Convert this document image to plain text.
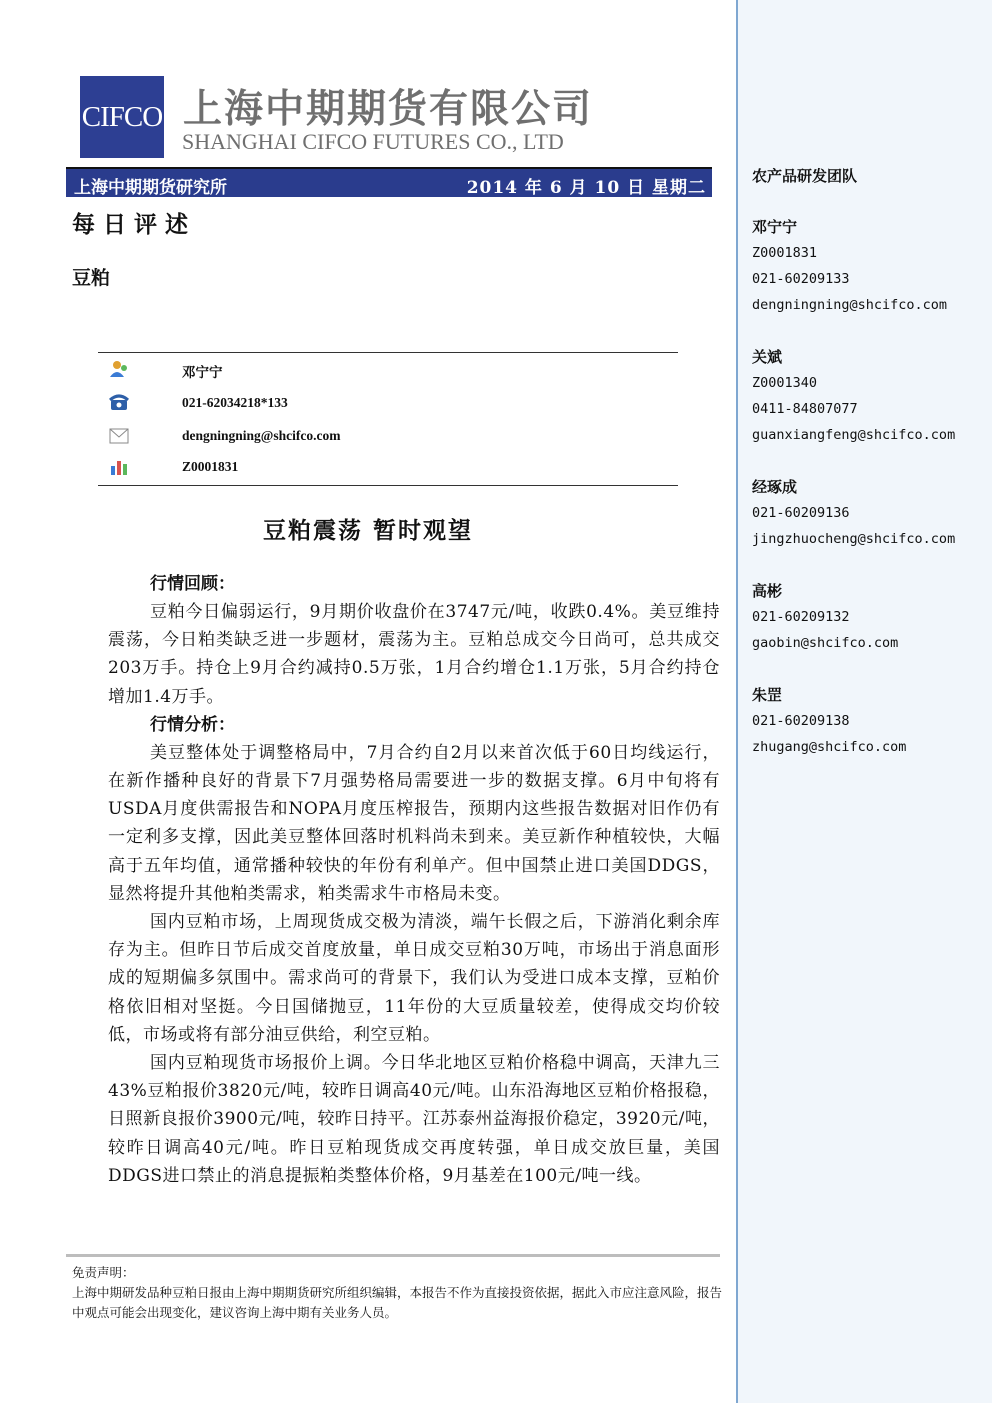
CIFCO 上海中期期货有限公司
SHANGHAI CIFCO FUTURES CO., LTD
上海中期期货研究所	2014 年 6 月 10 日 星期二
每日评述
豆粕
邓宁宁
021-62034218*133
dengningning@shcifco.com
Z0001831
豆粕震荡 暂时观望
行情回顾：

豆粕今日偏弱运行，9月期价收盘价在3747元/吨，收跌0.4%。美豆维持震荡，今日粕类缺乏进一步题材，震荡为主。豆粕总成交今日尚可，总共成交203万手。持仓上9月合约减持0.5万张，1月合约增仓1.1万张，5月合约持仓增加1.4万手。

行情分析：

美豆整体处于调整格局中，7月合约自2月以来首次低于60日均线运行，在新作播种良好的背景下7月强势格局需要进一步的数据支撑。6月中旬将有USDA月度供需报告和NOPA月度压榨报告，预期内这些报告数据对旧作仍有一定利多支撑，因此美豆整体回落时机料尚未到来。美豆新作种植较快，大幅高于五年均值，通常播种较快的年份有利单产。但中国禁止进口美国DDGS，显然将提升其他粕类需求，粕类需求牛市格局未变。

国内豆粕市场，上周现货成交极为清淡，端午长假之后，下游消化剩余库存为主。但昨日节后成交首度放量，单日成交豆粕30万吨，市场出于消息面形成的短期偏多氛围中。需求尚可的背景下，我们认为受进口成本支撑，豆粕价格依旧相对坚挺。今日国储抛豆，11年份的大豆质量较差，使得成交均价较低，市场或将有部分油豆供给，利空豆粕。

国内豆粕现货市场报价上调。今日华北地区豆粕价格稳中调高，天津九三43%豆粕报价3820元/吨，较昨日调高40元/吨。山东沿海地区豆粕价格报稳，日照新良报价3900元/吨，较昨日持平。江苏泰州益海报价稳定，3920元/吨，较昨日调高40元/吨。昨日豆粕现货成交再度转强，单日成交放巨量，美国DDGS进口禁止的消息提振粕类整体价格，9月基差在100元/吨一线。

免责声明：
上海中期研发品种豆粕日报由上海中期期货研究所组织编辑，本报告不作为直接投资依据，据此入市应注意风险，报告中观点可能会出现变化，建议咨询上海中期有关业务人员。
农产品研发团队
邓宁宁
Z0001831
021-60209133
dengningning@shcifco.com
关斌
Z0001340
0411-84807077
guanxiangfeng@shcifco.com
经琢成
021-60209136
jingzhuocheng@shcifco.com
高彬
021-60209132
gaobin@shcifco.com
朱罡
021-60209138
zhugang@shcifco.com
